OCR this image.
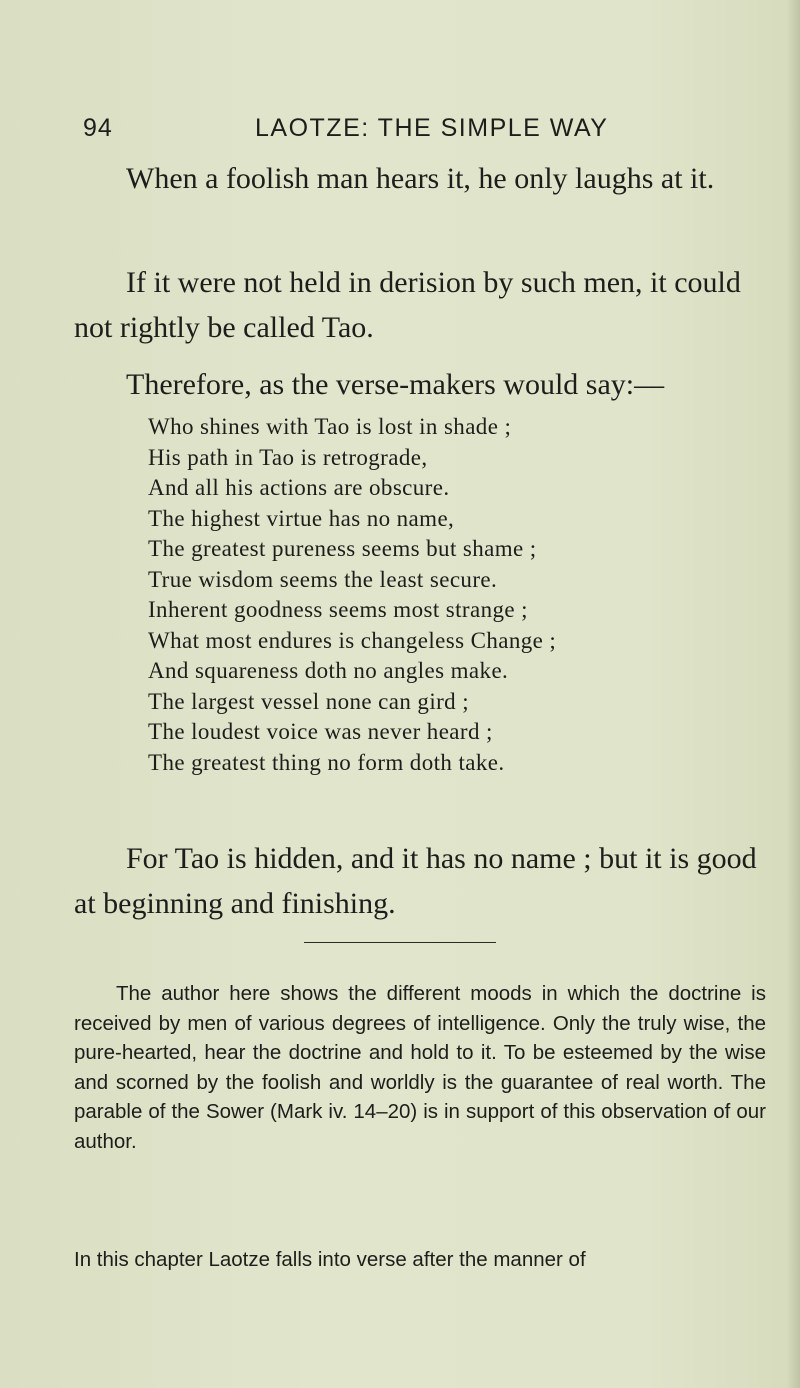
94	LAOTZE: THE SIMPLE WAY

When a foolish man hears it, he only laughs at it.

If it were not held in derision by such men, it could not rightly be called Tao.

Therefore, as the verse-makers would say:—

Who shines with Tao is lost in shade ;
His path in Tao is retrograde,
And all his actions are obscure.
The highest virtue has no name,
The greatest pureness seems but shame ;
True wisdom seems the least secure.
Inherent goodness seems most strange ;
What most endures is changeless Change ;
And squareness doth no angles make.
The largest vessel none can gird ;
The loudest voice was never heard ;
The greatest thing no form doth take.

For Tao is hidden, and it has no name ; but it is good at beginning and finishing.

The author here shows the different moods in which the doctrine is received by men of various degrees of intelligence. Only the truly wise, the pure-hearted, hear the doctrine and hold to it. To be esteemed by the wise and scorned by the foolish and worldly is the guarantee of real worth. The parable of the Sower (Mark iv. 14–20) is in support of this observation of our author.

In this chapter Laotze falls into verse after the manner of
